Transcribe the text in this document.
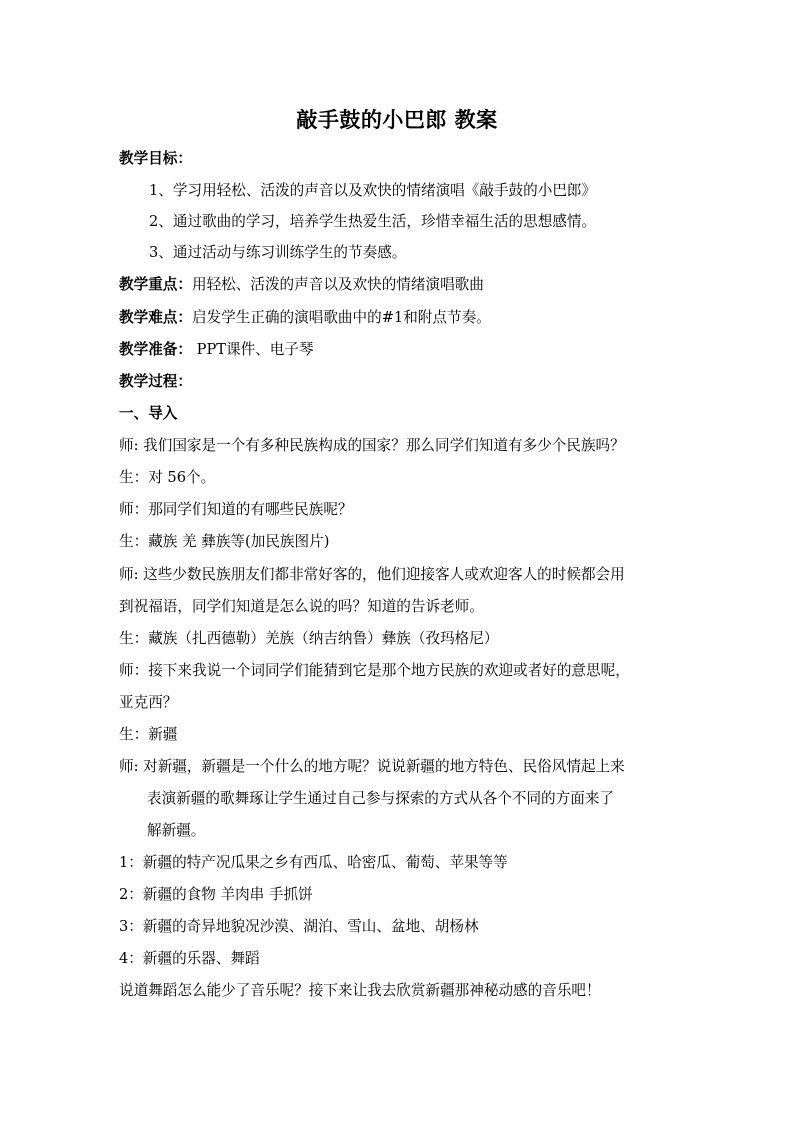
敲手鼓的小巴郎 教案
教学目标：
1、学习用轻松、活泼的声音以及欢快的情绪演唱《敲手鼓的小巴郎》
2、通过歌曲的学习，培养学生热爱生活，珍惜幸福生活的思想感情。
3、通过活动与练习训练学生的节奏感。
教学重点：用轻松、活泼的声音以及欢快的情绪演唱歌曲
教学难点：启发学生正确的演唱歌曲中的#1和附点节奏。
教学准备： PPT课件、电子琴
教学过程：
一、导入
师: 我们国家是一个有多种民族构成的国家？那么同学们知道有多少个民族吗？
生：对 56个。
师：那同学们知道的有哪些民族呢？
生：藏族 羌 彝族等(加民族图片)
师: 这些少数民族朋友们都非常好客的，他们迎接客人或欢迎客人的时候都会用
到祝福语，同学们知道是怎么说的吗？知道的告诉老师。
生：藏族（扎西德勒）羌族（纳吉纳鲁）彝族（孜玛格尼）
师：接下来我说一个词同学们能猜到它是那个地方民族的欢迎或者好的意思呢，
亚克西？
生：新疆
师: 对新疆，新疆是一个什么的地方呢？说说新疆的地方特色、民俗风情起上来
表演新疆的歌舞琢让学生通过自己参与探索的方式从各个不同的方面来了
解新疆。
1：新疆的特产况瓜果之乡有西瓜、哈密瓜、葡萄、苹果等等
2：新疆的食物 羊肉串 手抓饼
3：新疆的奇异地貌况沙漠、湖泊、雪山、盆地、胡杨林
4：新疆的乐器、舞蹈
说道舞蹈怎么能少了音乐呢？接下来让我去欣赏新疆那神秘动感的音乐吧！
